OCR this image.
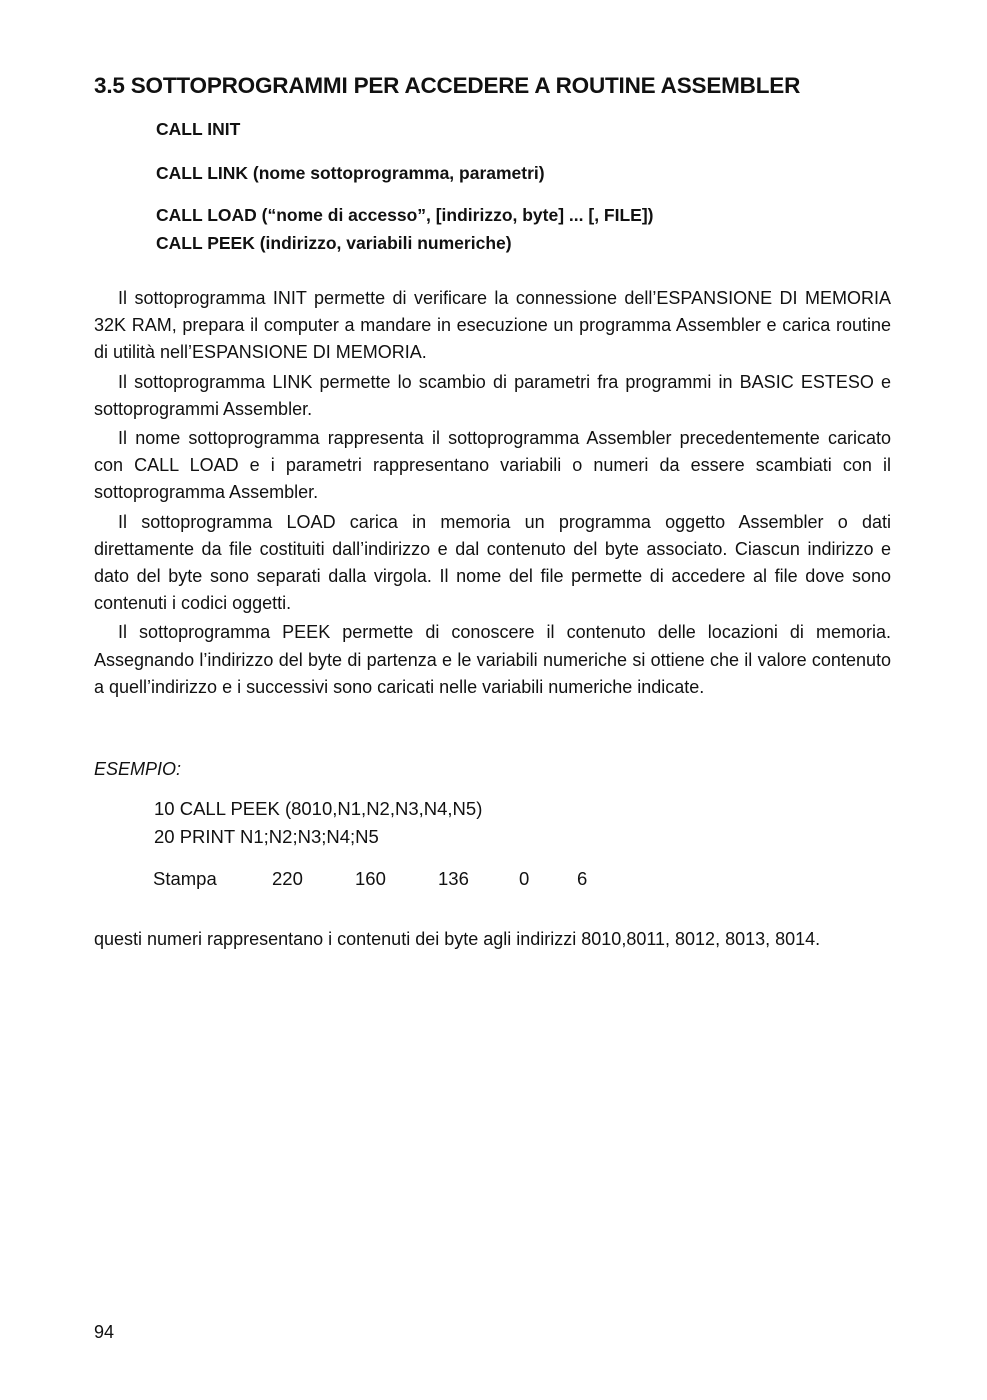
3.5 SOTTOPROGRAMMI PER ACCEDERE A ROUTINE ASSEMBLER
CALL INIT
CALL LINK (nome sottoprogramma, parametri)
CALL LOAD (“nome di accesso”, [indirizzo, byte] ... [, FILE])
CALL PEEK (indirizzo, variabili numeriche)

Il sottoprogramma INIT permette di verificare la connessione dell’ESPANSIONE DI MEMORIA 32K RAM, prepara il computer a mandare in esecuzione un programma Assembler e carica routine di utilità nell’ESPANSIONE DI MEMORIA.

Il sottoprogramma LINK permette lo scambio di parametri fra programmi in BASIC ESTESO e sottoprogrammi Assembler.

Il nome sottoprogramma rappresenta il sottoprogramma Assembler precedentemente caricato con CALL LOAD e i parametri rappresentano variabili o numeri da essere scambiati con il sottoprogramma Assembler.

Il sottoprogramma LOAD carica in memoria un programma oggetto Assembler o dati direttamente da file costituiti dall’indirizzo e dal contenuto del byte associato. Ciascun indirizzo e dato del byte sono separati dalla virgola. Il nome del file permette di accedere al file dove sono contenuti i codici oggetti.

Il sottoprogramma PEEK permette di conoscere il contenuto delle locazioni di memoria. Assegnando l’indirizzo del byte di partenza e le variabili numeriche si ottiene che il valore contenuto a quell’indirizzo e i successivi sono caricati nelle variabili numeriche indicate.

ESEMPIO:
10 CALL PEEK (8010,N1,N2,N3,N4,N5)
20 PRINT N1;N2;N3;N4;N5
Stampa	220	160	136	0	6

questi numeri rappresentano i contenuti dei byte agli indirizzi 8010,8011, 8012, 8013, 8014.

94
